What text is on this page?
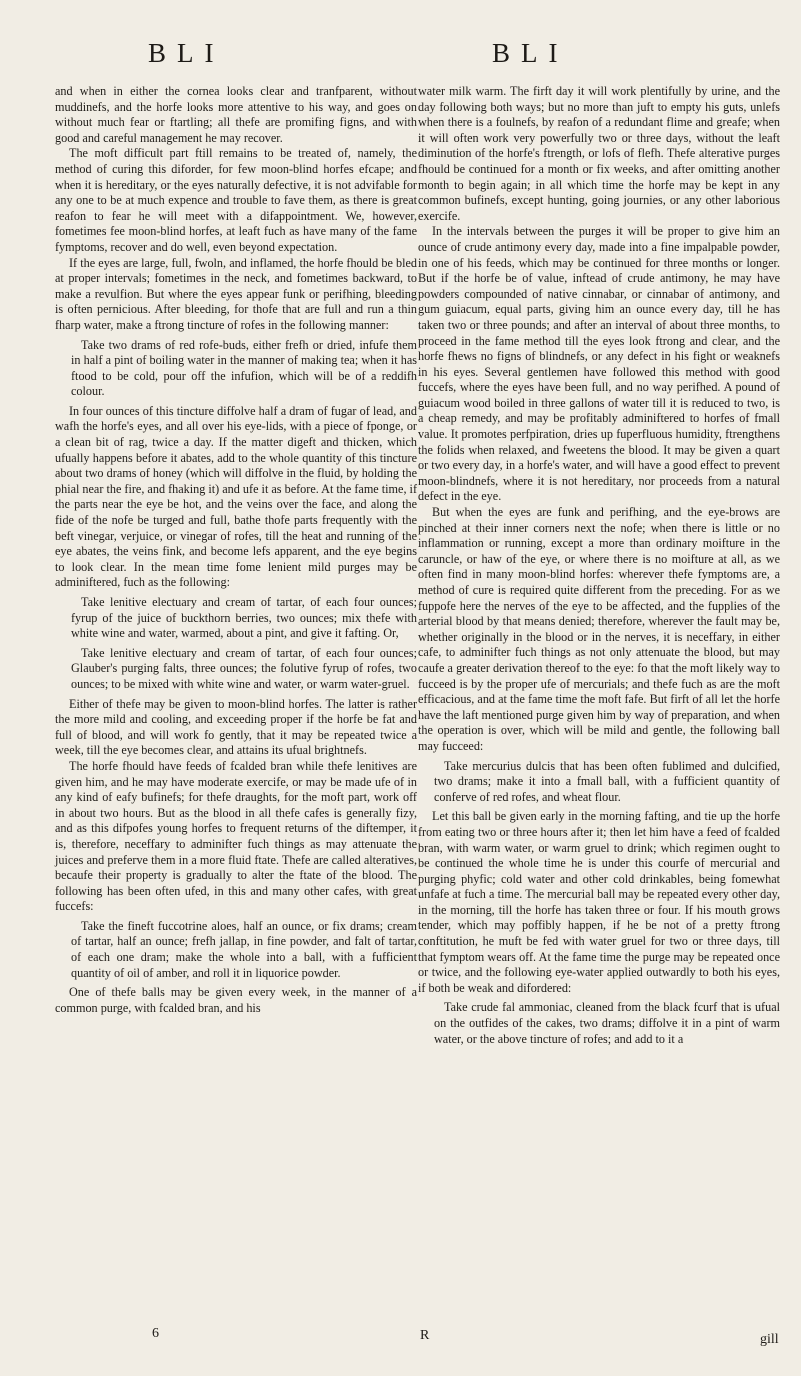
BLI	BLI

and when in either the cornea looks clear and tranfparent, without muddinefs, and the horfe looks more attentive to his way, and goes on without much fear or ftartling; all thefe are promifing figns, and with good and careful management he may recover.

The moft difficult part ftill remains to be treated of, namely, the method of curing this diforder, for few moon-blind horfes efcape; and when it is hereditary, or the eyes naturally defective, it is not advifable for any one to be at much expence and trouble to fave them, as there is great reafon to fear he will meet with a difappointment. We, however, fometimes fee moon-blind horfes, at leaft fuch as have many of the fame fymptoms, recover and do well, even beyond expectation.

If the eyes are large, full, fwoln, and inflamed, the horfe fhould be bled at proper intervals; fometimes in the neck, and fometimes backward, to make a revulfion. But where the eyes appear funk or perifhing, bleeding is often pernicious. After bleeding, for thofe that are full and run a thin fharp water, make a ftrong tincture of rofes in the following manner:

Take two drams of red rofe-buds, either frefh or dried, infufe them in half a pint of boiling water in the manner of making tea; when it has ftood to be cold, pour off the infufion, which will be of a reddifh colour.

In four ounces of this tincture diffolve half a dram of fugar of lead, and wafh the horfe's eyes, and all over his eye-lids, with a piece of fponge, or a clean bit of rag, twice a day. If the matter digeft and thicken, which ufually happens before it abates, add to the whole quantity of this tincture about two drams of honey (which will diffolve in the fluid, by holding the phial near the fire, and fhaking it) and ufe it as before. At the fame time, if the parts near the eye be hot, and the veins over the face, and along the fide of the nofe be turged and full, bathe thofe parts frequently with the beft vinegar, verjuice, or vinegar of rofes, till the heat and running of the eye abates, the veins fink, and become lefs apparent, and the eye begins to look clear. In the mean time fome lenient mild purges may be adminiftered, fuch as the following:

Take lenitive electuary and cream of tartar, of each four ounces; fyrup of the juice of buckthorn berries, two ounces; mix thefe with white wine and water, warmed, about a pint, and give it fafting. Or,

Take lenitive electuary and cream of tartar, of each four ounces; Glauber's purging falts, three ounces; the folutive fyrup of rofes, two ounces; to be mixed with white wine and water, or warm water-gruel.

Either of thefe may be given to moon-blind horfes. The latter is rather the more mild and cooling, and exceeding proper if the horfe be fat and full of blood, and will work fo gently, that it may be repeated twice a week, till the eye becomes clear, and attains its ufual brightnefs.

The horfe fhould have feeds of fcalded bran while thefe lenitives are given him, and he may have moderate exercife, or may be made ufe of in any kind of eafy bufinefs; for thefe draughts, for the moft part, work off in about two hours. But as the blood in all thefe cafes is generally fizy, and as this difpofes young horfes to frequent returns of the diftemper, it is, therefore, neceffary to adminifter fuch things as may attenuate the juices and preferve them in a more fluid ftate. Thefe are called alteratives, becaufe their property is gradually to alter the ftate of the blood. The following has been often ufed, in this and many other cafes, with great fuccefs:

Take the fineft fuccotrine aloes, half an ounce, or fix drams; cream of tartar, half an ounce; frefh jallap, in fine powder, and falt of tartar, of each one dram; make the whole into a ball, with a fufficient quantity of oil of amber, and roll it in liquorice powder.

One of thefe balls may be given every week, in the manner of a common purge, with fcalded bran, and his

water milk warm. The firft day it will work plentifully by urine, and the day following both ways; but no more than juft to empty his guts, unlefs when there is a foulnefs, by reafon of a redundant flime and greafe; when it will often work very powerfully two or three days, without the leaft diminution of the horfe's ftrength, or lofs of flefh. Thefe alterative purges fhould be continued for a month or fix weeks, and after omitting another month to begin again; in all which time the horfe may be kept in any common bufinefs, except hunting, going journies, or any other laborious exercife.

In the intervals between the purges it will be proper to give him an ounce of crude antimony every day, made into a fine impalpable powder, in one of his feeds, which may be continued for three months or longer. But if the horfe be of value, inftead of crude antimony, he may have powders compounded of native cinnabar, or cinnabar of antimony, and gum guiacum, equal parts, giving him an ounce every day, till he has taken two or three pounds; and after an interval of about three months, to proceed in the fame method till the eyes look ftrong and clear, and the horfe fhews no figns of blindnefs, or any defect in his fight or weaknefs in his eyes. Several gentlemen have followed this method with good fuccefs, where the eyes have been full, and no way perifhed. A pound of guiacum wood boiled in three gallons of water till it is reduced to two, is a cheap remedy, and may be profitably adminiftered to horfes of fmall value. It promotes perfpiration, dries up fuperfluous humidity, ftrengthens the folids when relaxed, and fweetens the blood. It may be given a quart or two every day, in a horfe's water, and will have a good effect to prevent moon-blindnefs, where it is not hereditary, nor proceeds from a natural defect in the eye.

But when the eyes are funk and perifhing, and the eye-brows are pinched at their inner corners next the nofe; when there is little or no inflammation or running, except a more than ordinary moifture in the caruncle, or haw of the eye, or where there is no moifture at all, as we often find in many moon-blind horfes: wherever thefe fymptoms are, a method of cure is required quite different from the preceding. For as we fuppofe here the nerves of the eye to be affected, and the fupplies of the arterial blood by that means denied; therefore, wherever the fault may be, whether originally in the blood or in the nerves, it is neceffary, in either cafe, to adminifter fuch things as not only attenuate the blood, but may caufe a greater derivation thereof to the eye: fo that the moft likely way to fucceed is by the proper ufe of mercurials; and thefe fuch as are the moft efficacious, and at the fame time the moft fafe. But firft of all let the horfe have the laft mentioned purge given him by way of preparation, and when the operation is over, which will be mild and gentle, the following ball may fucceed:

Take mercurius dulcis that has been often fublimed and dulcified, two drams; make it into a fmall ball, with a fufficient quantity of conferve of red rofes, and wheat flour.

Let this ball be given early in the morning fafting, and tie up the horfe from eating two or three hours after it; then let him have a feed of fcalded bran, with warm water, or warm gruel to drink; which regimen ought to be continued the whole time he is under this courfe of mercurial and purging phyfic; cold water and other cold drinkables, being fomewhat unfafe at fuch a time. The mercurial ball may be repeated every other day, in the morning, till the horfe has taken three or four. If his mouth grows tender, which may poffibly happen, if he be not of a pretty ftrong conftitution, he muft be fed with water gruel for two or three days, till that fymptom wears off. At the fame time the purge may be repeated once or twice, and the following eye-water applied outwardly to both his eyes, if both be weak and difordered:

Take crude fal ammoniac, cleaned from the black fcurf that is ufual on the outfides of the cakes, two drams; diffolve it in a pint of warm water, or the above tincture of rofes; and add to it a

6	R	gill
